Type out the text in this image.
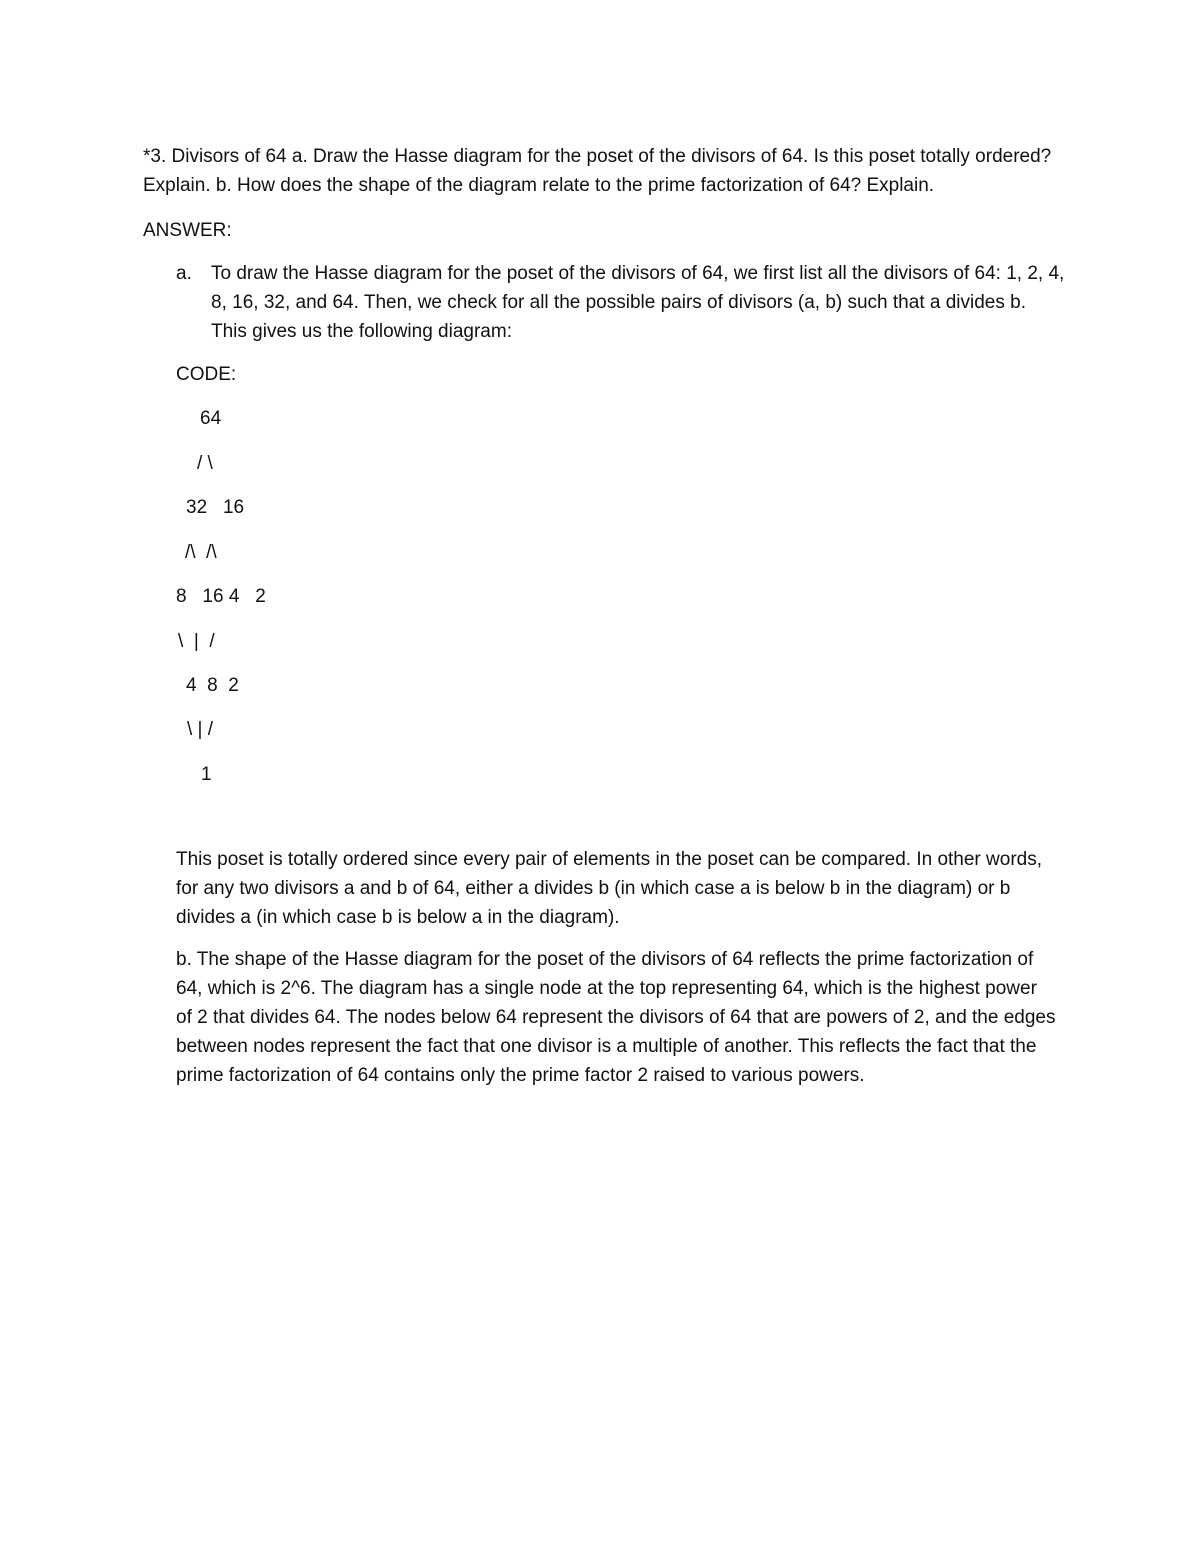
*3. Divisors of 64 a. Draw the Hasse diagram for the poset of the divisors of 64. Is this poset totally ordered? Explain. b. How does the shape of the diagram relate to the prime factorization of 64? Explain.
ANSWER:
a. To draw the Hasse diagram for the poset of the divisors of 64, we first list all the divisors of 64: 1, 2, 4, 8, 16, 32, and 64. Then, we check for all the possible pairs of divisors (a, b) such that a divides b. This gives us the following diagram:
CODE:
64
/ \
32   16
/\  /\
8   16 4   2
\  |  /
4  8  2
\ | /
1
This poset is totally ordered since every pair of elements in the poset can be compared. In other words, for any two divisors a and b of 64, either a divides b (in which case a is below b in the diagram) or b divides a (in which case b is below a in the diagram).
b. The shape of the Hasse diagram for the poset of the divisors of 64 reflects the prime factorization of 64, which is 2^6. The diagram has a single node at the top representing 64, which is the highest power of 2 that divides 64. The nodes below 64 represent the divisors of 64 that are powers of 2, and the edges between nodes represent the fact that one divisor is a multiple of another. This reflects the fact that the prime factorization of 64 contains only the prime factor 2 raised to various powers.
